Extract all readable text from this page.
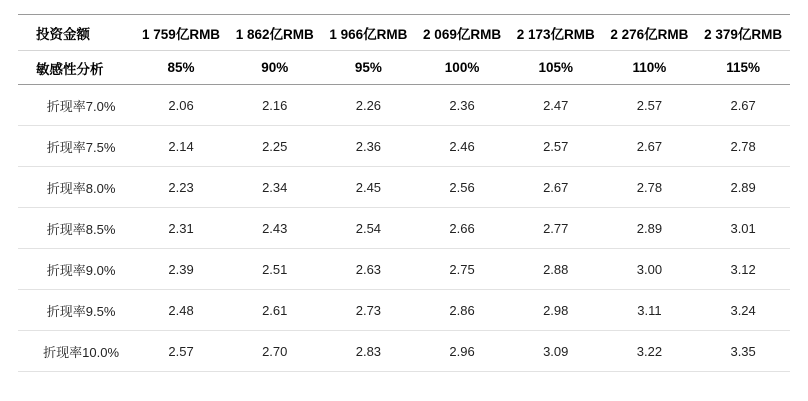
投资金额	1 759亿RMB	1 862亿RMB	1 966亿RMB	2 069亿RMB	2 173亿RMB	2 276亿RMB	2 379亿RMB
敏感性分析	85%	90%	95%	100%	105%	110%	115%
折现率7.0%	2.06	2.16	2.26	2.36	2.47	2.57	2.67
折现率7.5%	2.14	2.25	2.36	2.46	2.57	2.67	2.78
折现率8.0%	2.23	2.34	2.45	2.56	2.67	2.78	2.89
折现率8.5%	2.31	2.43	2.54	2.66	2.77	2.89	3.01
折现率9.0%	2.39	2.51	2.63	2.75	2.88	3.00	3.12
折现率9.5%	2.48	2.61	2.73	2.86	2.98	3.11	3.24
折现率10.0%	2.57	2.70	2.83	2.96	3.09	3.22	3.35
